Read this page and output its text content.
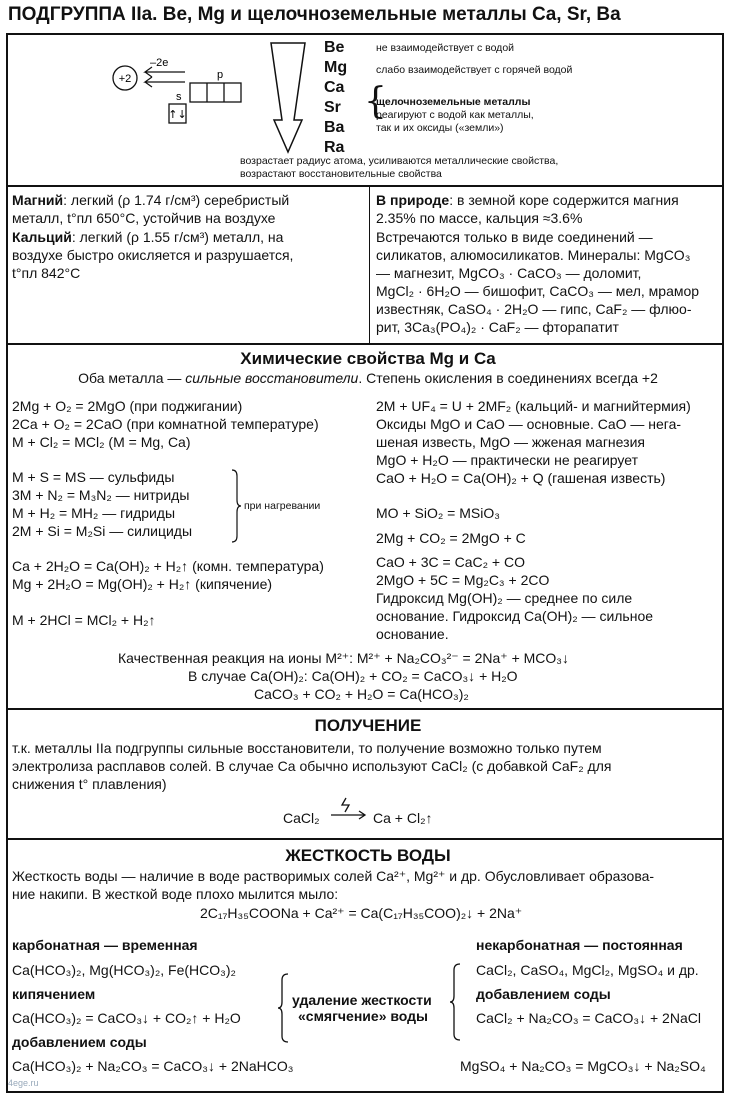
ПОДГРУППА IIa. Be, Mg и щелочноземельные металлы Ca, Sr, Ba
+2
–2e
s
p
↑↓
Be
Mg
Ca
Sr
Ba
Ra
не взаимодействует с водой
слабо взаимодействует с горячей водой
{
щелочноземельные металлы
реагируют с водой как металлы,
так и их оксиды («земли»)
возрастает радиус атома, усиливаются металлические свойства,
возрастают восстановительные свойства
Магний: легкий (ρ 1.74 г/см³) серебристый
металл, t°пл 650°C, устойчив на воздухе
Кальций: легкий (ρ 1.55 г/см³) металл, на
воздухе быстро окисляется и разрушается,
t°пл 842°C
В природе: в земной коре содержится магния
2.35% по массе, кальция ≈3.6%
Встречаются только в виде соединений —
силикатов, алюмосиликатов. Минералы: MgCO₃
— магнезит, MgCO₃ · CaCO₃ — доломит,
MgCl₂ · 6H₂O — бишофит, CaCO₃ — мел, мрамор
известняк, CaSO₄ · 2H₂O — гипс, CaF₂ — флюо-
рит, 3Ca₃(PO₄)₂ · CaF₂ — фторапатит
Химические свойства Mg и Ca
Оба металла — сильные восстановители. Степень окисления в соединениях всегда +2
2Mg + O₂ = 2MgO (при поджигании)
2Ca + O₂ = 2CaO (при комнатной температуре)
M + Cl₂ = MCl₂ (M = Mg, Ca)
M + S = MS — сульфиды
3M + N₂ = M₃N₂ — нитриды
M + H₂ = MH₂ — гидриды
2M + Si = M₂Si — силициды
при нагревании
Ca + 2H₂O = Ca(OH)₂ + H₂↑ (комн. температура)
Mg + 2H₂O = Mg(OH)₂ + H₂↑ (кипячение)
M + 2HCl = MCl₂ + H₂↑
2M + UF₄ = U + 2MF₂ (кальций- и магнийтермия)
Оксиды MgO и CaO — основные. CaO — нега-
шеная известь, MgO — жженая магнезия
MgO + H₂O — практически не реагирует
CaO + H₂O = Ca(OH)₂ + Q (гашеная известь)
MO + SiO₂ = MSiO₃
2Mg + CO₂ = 2MgO + C
CaO + 3C = CaC₂ + CO
2MgO + 5C = Mg₂C₃ + 2CO
Гидроксид Mg(OH)₂ — среднее по силе
основание. Гидроксид Ca(OH)₂ — сильное
основание.
Качественная реакция на ионы M²⁺: M²⁺ + Na₂CO₃²⁻ = 2Na⁺ + MCO₃↓
В случае Ca(OH)₂: Ca(OH)₂ + CO₂ = CaCO₃↓ + H₂O
CaCO₃ + CO₂ + H₂O = Ca(HCO₃)₂
ПОЛУЧЕНИЕ
т.к. металлы IIa подгруппы сильные восстановители, то получение возможно только путем
электролиза расплавов солей. В случае Ca обычно используют CaCl₂ (с добавкой CaF₂ для
снижения t° плавления)
CaCl₂	Ca + Cl₂↑
ЖЕСТКОСТЬ ВОДЫ
Жесткость воды — наличие в воде растворимых солей Ca²⁺, Mg²⁺ и др. Обусловливает образова-
ние накипи. В жесткой воде плохо мылится мыло:
2C₁₇H₃₅COONa + Ca²⁺ = Ca(C₁₇H₃₅COO)₂↓ + 2Na⁺
карбонатная — временная
Ca(HCO₃)₂, Mg(HCO₃)₂, Fe(HCO₃)₂
кипячением
Ca(HCO₃)₂ = CaCO₃↓ + CO₂↑ + H₂O
добавлением соды
Ca(HCO₃)₂ + Na₂CO₃ = CaCO₃↓ + 2NaHCO₃
удаление жесткости
«смягчение» воды
некарбонатная — постоянная
CaCl₂, CaSO₄, MgCl₂, MgSO₄ и др.
добавлением соды
CaCl₂ + Na₂CO₃ = CaCO₃↓ + 2NaCl
MgSO₄ + Na₂CO₃ = MgCO₃↓ + Na₂SO₄
4ege.ru
